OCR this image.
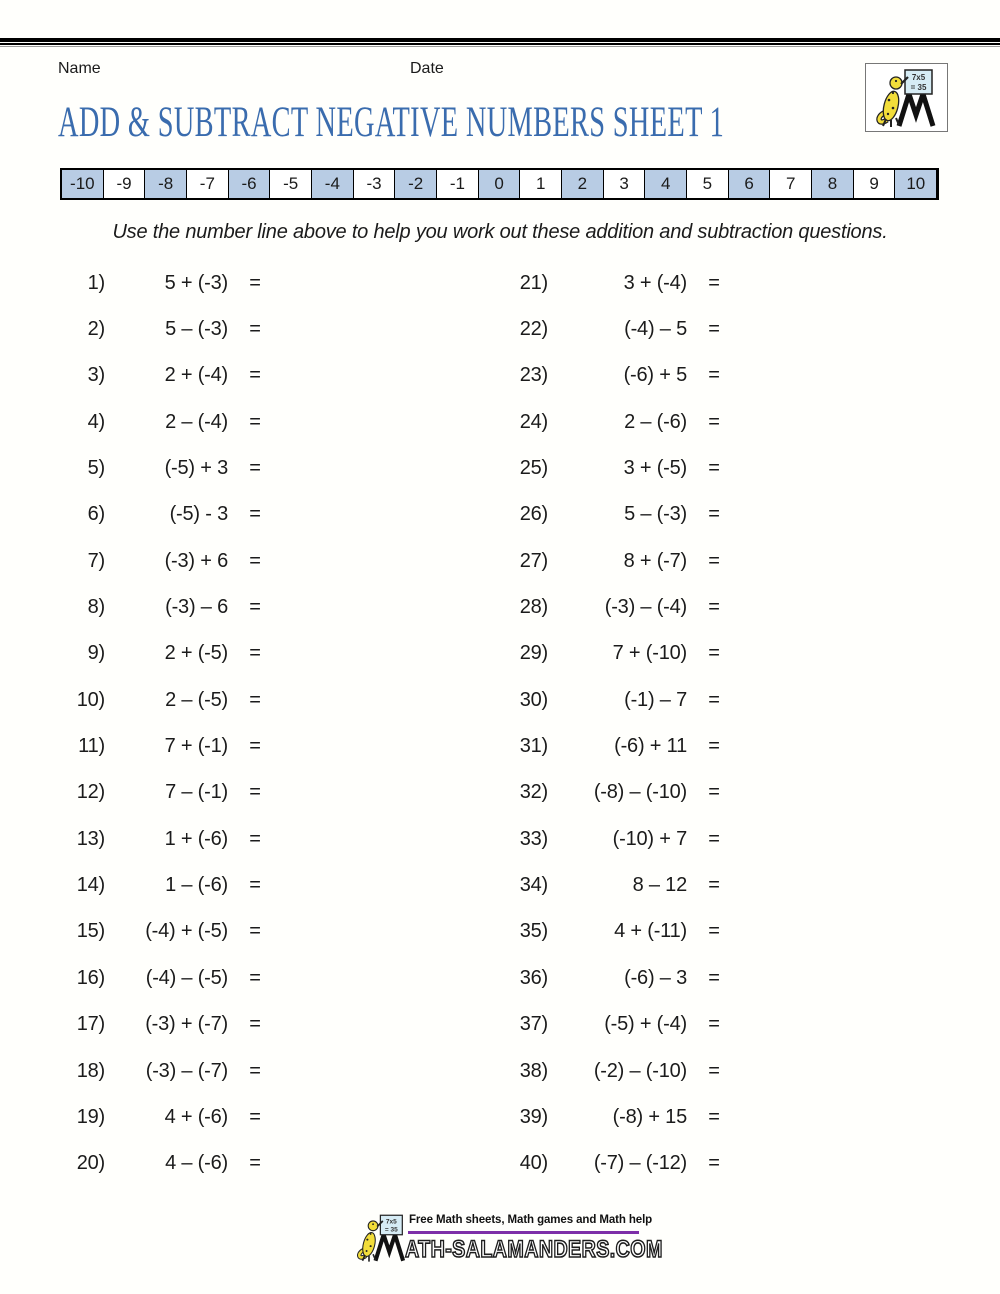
Name	Date	7x5
= 35
ADD & SUBTRACT NEGATIVE NUMBERS SHEET 1
-10	-9	-8	-7	-6	-5	-4	-3	-2	-1	0	1	2	3	4	5	6	7	8	9	10
Use the number line above to help you work out these addition and subtraction questions.
1)	5 + (-3)	=
2)	5 – (-3)	=
3)	2 + (-4)	=
4)	2 – (-4)	=
5)	(-5) + 3	=
6)	(-5) - 3	=
7)	(-3) + 6	=
8)	(-3) – 6	=
9)	2 + (-5)	=
10)	2 – (-5)	=
11)	7 + (-1)	=
12)	7 – (-1)	=
13)	1 + (-6)	=
14)	1 – (-6)	=
15)	(-4) + (-5)	=
16)	(-4) – (-5)	=
17)	(-3) + (-7)	=
18)	(-3) – (-7)	=
19)	4 + (-6)	=
20)	4 – (-6)	=
21)	3 + (-4)	=
22)	(-4) – 5	=
23)	(-6) + 5	=
24)	2 – (-6)	=
25)	3 + (-5)	=
26)	5 – (-3)	=
27)	8 + (-7)	=
28)	(-3) – (-4)	=
29)	7 + (-10)	=
30)	(-1) – 7	=
31)	(-6) + 11	=
32)	(-8) – (-10)	=
33)	(-10) + 7	=
34)	8 – 12	=
35)	4 + (-11)	=
36)	(-6) – 3	=
37)	(-5) + (-4)	=
38)	(-2) – (-10)	=
39)	(-8) + 15	=
40)	(-7) – (-12)	=
7x5
= 35
Free Math sheets, Math games and Math help
ATH-SALAMANDERS.COM
